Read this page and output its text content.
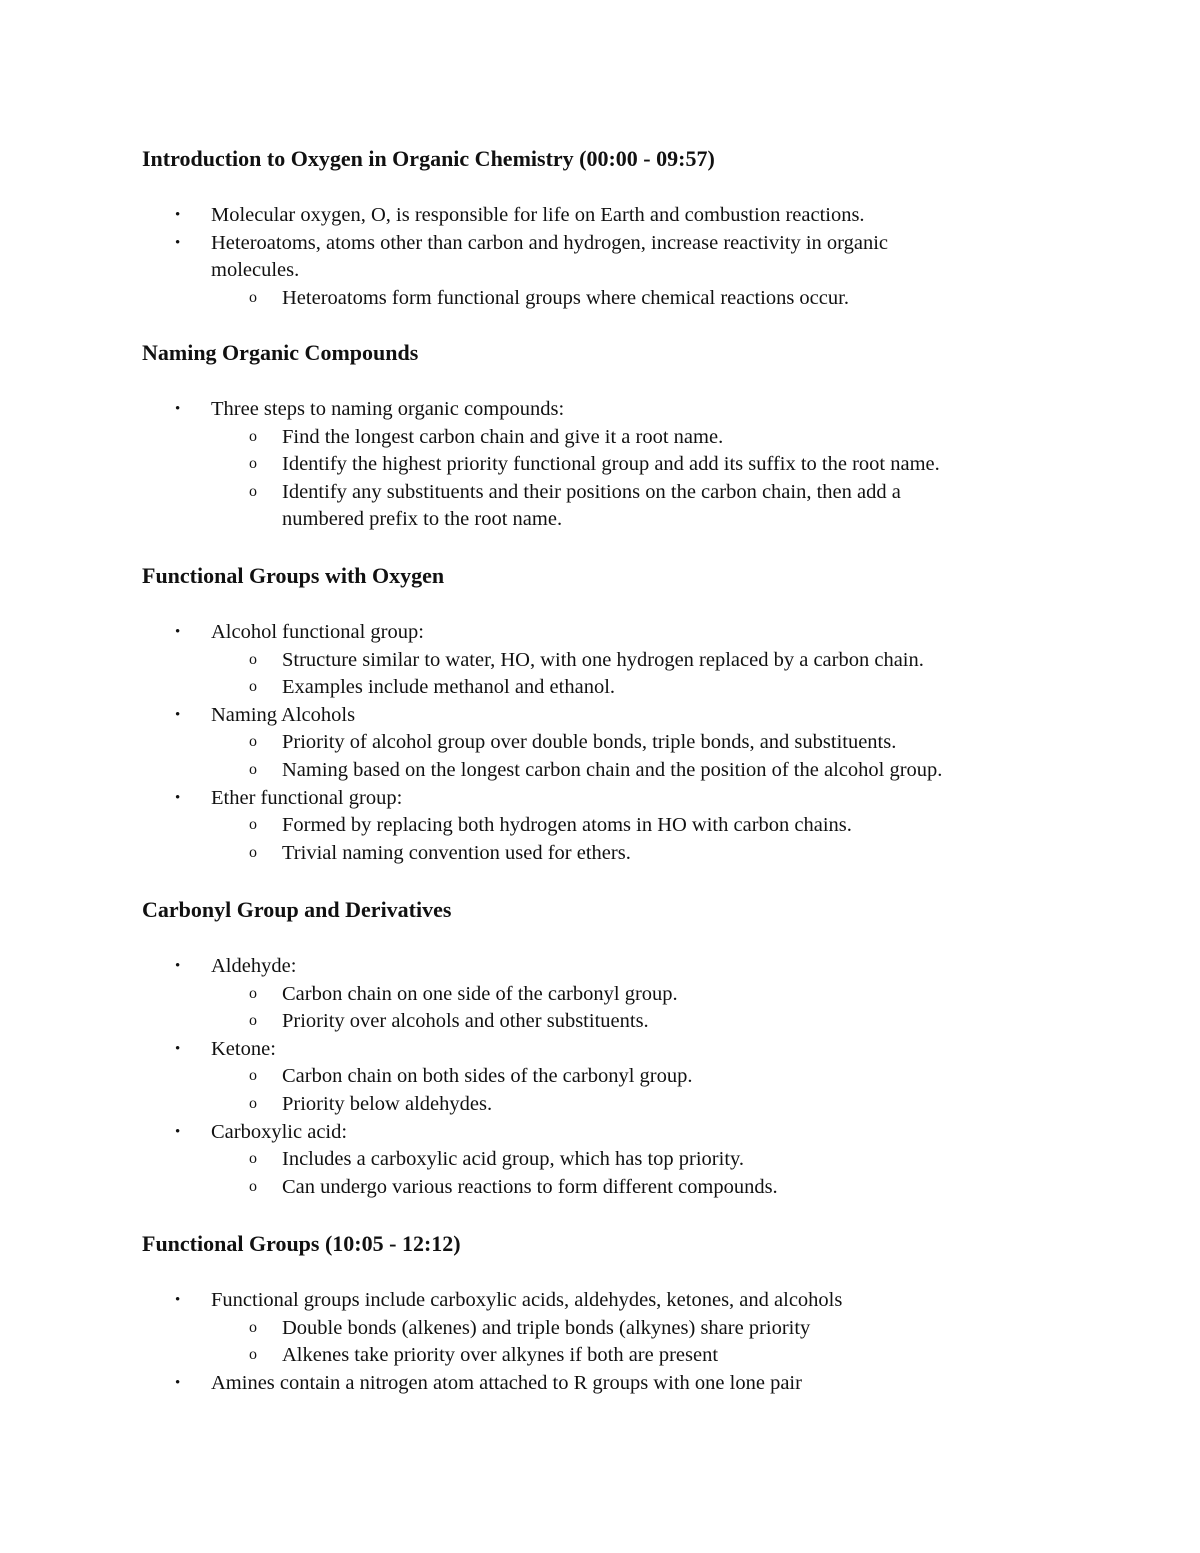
Introduction to Oxygen in Organic Chemistry (00:00 - 09:57)
• Molecular oxygen, O, is responsible for life on Earth and combustion reactions.
• Heteroatoms, atoms other than carbon and hydrogen, increase reactivity in organic
molecules.
o Heteroatoms form functional groups where chemical reactions occur.
Naming Organic Compounds
• Three steps to naming organic compounds:
o Find the longest carbon chain and give it a root name.
o Identify the highest priority functional group and add its suffix to the root name.
o Identify any substituents and their positions on the carbon chain, then add a
numbered prefix to the root name.
Functional Groups with Oxygen
• Alcohol functional group:
o Structure similar to water, HO, with one hydrogen replaced by a carbon chain.
o Examples include methanol and ethanol.
• Naming Alcohols
o Priority of alcohol group over double bonds, triple bonds, and substituents.
o Naming based on the longest carbon chain and the position of the alcohol group.
• Ether functional group:
o Formed by replacing both hydrogen atoms in HO with carbon chains.
o Trivial naming convention used for ethers.
Carbonyl Group and Derivatives
• Aldehyde:
o Carbon chain on one side of the carbonyl group.
o Priority over alcohols and other substituents.
• Ketone:
o Carbon chain on both sides of the carbonyl group.
o Priority below aldehydes.
• Carboxylic acid:
o Includes a carboxylic acid group, which has top priority.
o Can undergo various reactions to form different compounds.
Functional Groups (10:05 - 12:12)
• Functional groups include carboxylic acids, aldehydes, ketones, and alcohols
o Double bonds (alkenes) and triple bonds (alkynes) share priority
o Alkenes take priority over alkynes if both are present
• Amines contain a nitrogen atom attached to R groups with one lone pair
